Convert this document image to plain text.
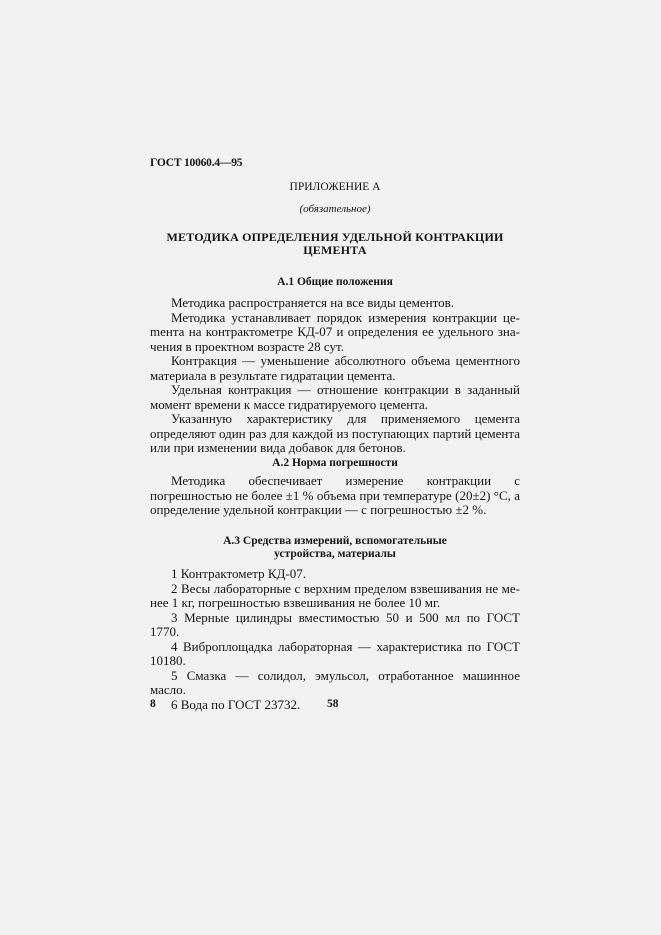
ГОСТ 10060.4—95
ПРИЛОЖЕНИЕ А
(обязательное)
МЕТОДИКА ОПРЕДЕЛЕНИЯ УДЕЛЬНОЙ КОНТРАКЦИИ
ЦЕМЕНТА
А.1 Общие положения

Методика распространяется на все виды цементов.

Методика устанавливает порядок измерения контракции цеmента на контрактометре КД-07 и определения ее удельного значения в проектном возрасте 28 сут.

Контракция — уменьшение абсолютного объема цементного материала в результате гидратации цемента.

Удельная контракция — отношение контракции в заданный момент времени к массе гидратируемого цемента.

Указанную характеристику для применяемого цемента определяют один раз для каждой из поступающих партий цемента или при изменении вида добавок для бетонов.

А.2 Норма погрешности

Методика обеспечивает измерение контракции с погрешностью не более ±1 % объема при температуре (20±2) °С, а определение удельной контракции — с погрешностью ±2 %.

А.3 Средства измерений, вспомогательные
устройства, материалы

1 Контрактометр КД-07.

2 Весы лабораторные с верхним пределом взвешивания не менее 1 кг, погрешностью взвешивания не более 10 мг.

3 Мерные цилиндры вместимостью 50 и 500 мл по ГОСТ 1770.

4 Виброплощадка лабораторная — характеристика по ГОСТ 10180.

5 Смазка — солидол, эмульсол, отработанное машинное масло.

6 Вода по ГОСТ 23732.

8	58
